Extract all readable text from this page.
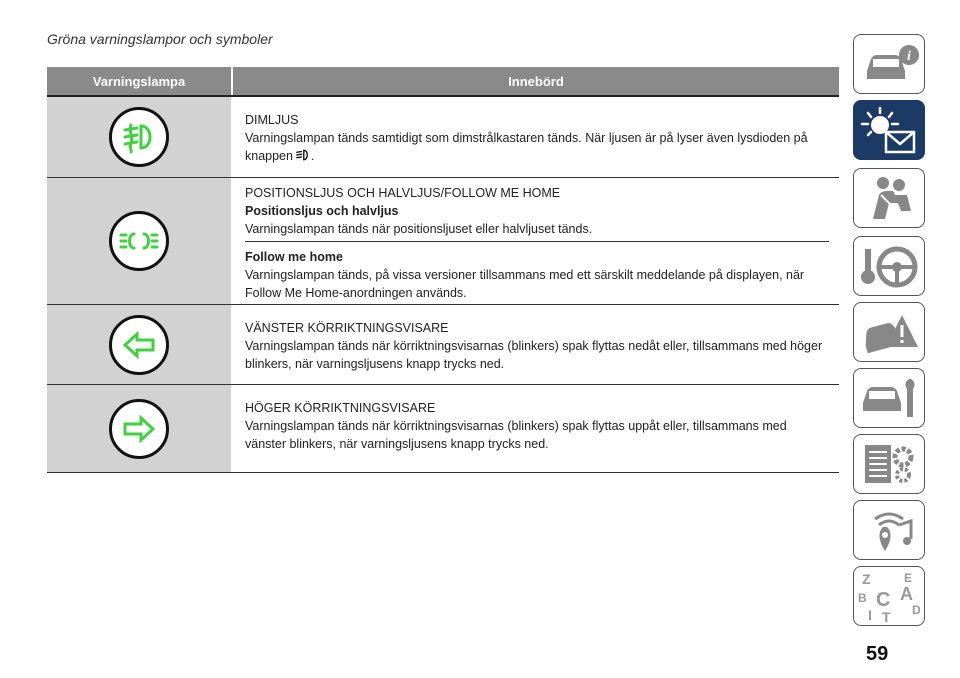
Gröna varningslampor och symboler
Varningslampa	Innebörd
DIMLJUS
Varningslampan tänds samtidigt som dimstrålkastaren tänds. När ljusen är på lyser även lysdioden på
knappen .
POSITIONSLJUS OCH HALVLJUS/FOLLOW ME HOME
Positionsljus och halvljus
Varningslampan tänds när positionsljuset eller halvljuset tänds.
Follow me home
Varningslampan tänds, på vissa versioner tillsammans med ett särskilt meddelande på displayen, när Follow Me Home-anordningen används.
VÄNSTER KÖRRIKTNINGSVISARE
Varningslampan tänds när körriktningsvisarnas (blinkers) spak flyttas nedåt eller, tillsammans med höger blinkers, när varningsljusens knapp trycks ned.
HÖGER KÖRRIKTNINGSVISARE
Varningslampan tänds när körriktningsvisarnas (blinkers) spak flyttas uppåt eller, tillsammans med vänster blinkers, när varningsljusens knapp trycks ned.
i
Z	E
B A
C D
I T
59
